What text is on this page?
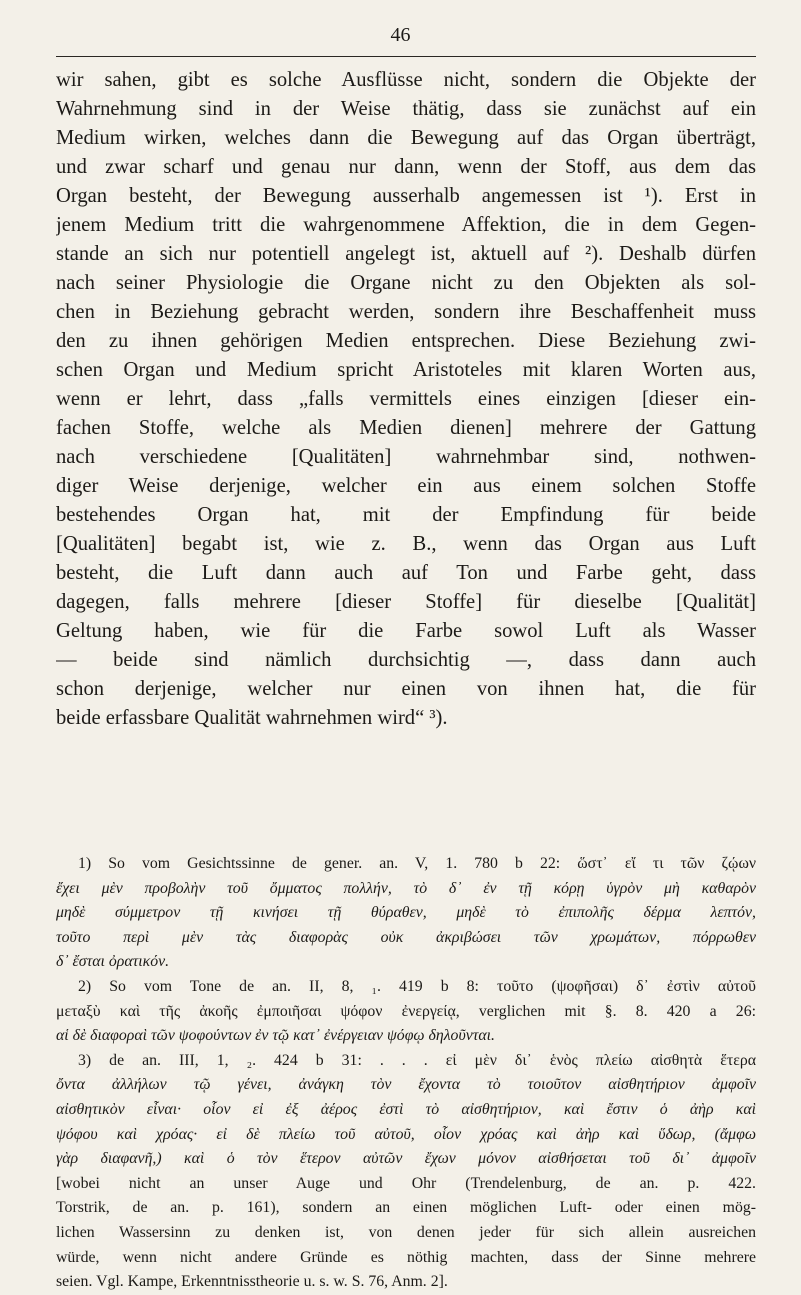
46
wir sahen, gibt es solche Ausflüsse nicht, sondern die Objekte der
Wahrnehmung sind in der Weise thätig, dass sie zunächst auf ein
Medium wirken, welches dann die Bewegung auf das Organ überträgt,
und zwar scharf und genau nur dann, wenn der Stoff, aus dem das
Organ besteht, der Bewegung ausserhalb angemessen ist ¹). Erst in
jenem Medium tritt die wahrgenommene Affektion, die in dem Gegen-
stande an sich nur potentiell angelegt ist, aktuell auf ²). Deshalb dürfen
nach seiner Physiologie die Organe nicht zu den Objekten als sol-
chen in Beziehung gebracht werden, sondern ihre Beschaffenheit muss
den zu ihnen gehörigen Medien entsprechen. Diese Beziehung zwi-
schen Organ und Medium spricht Aristoteles mit klaren Worten aus,
wenn er lehrt, dass „falls vermittels eines einzigen [dieser ein-
fachen Stoffe, welche als Medien dienen] mehrere der Gattung
nach verschiedene [Qualitäten] wahrnehmbar sind, nothwen-
diger Weise derjenige, welcher ein aus einem solchen Stoffe
bestehendes Organ hat, mit der Empfindung für beide
[Qualitäten] begabt ist, wie z. B., wenn das Organ aus Luft
besteht, die Luft dann auch auf Ton und Farbe geht, dass
dagegen, falls mehrere [dieser Stoffe] für dieselbe [Qualität]
Geltung haben, wie für die Farbe sowol Luft als Wasser
— beide sind nämlich durchsichtig —, dass dann auch
schon derjenige, welcher nur einen von ihnen hat, die für
beide erfassbare Qualität wahrnehmen wird“ ³).
1) So vom Gesichtssinne de gener. an. V, 1. 780 b 22: ὥστ᾽ εἴ τι τῶν ζῴων
ἔχει μὲν προβολὴν τοῦ ὄμματος πολλήν, τὸ δ᾽ ἐν τῇ κόρῃ ὑγρὸν μὴ καθαρὸν
μηδὲ σύμμετρον τῇ κινήσει τῇ θύραθεν, μηδὲ τὸ ἐπιπολῆς δέρμα λεπτόν,
τοῦτο περὶ μὲν τὰς διαφορὰς οὐκ ἀκριβώσει τῶν χρωμάτων, πόρρωθεν
δ᾽ ἔσται ὀρατικόν.
2) So vom Tone de an. II, 8, ₁. 419 b 8: τοῦτο (ψοφῆσαι) δ᾽ ἐστὶν αὐτοῦ
μεταξὺ καὶ τῆς ἀκοῆς ἐμποιῆσαι ψόφον ἐνεργείᾳ, verglichen mit §. 8. 420 a 26:
αἱ δὲ διαφοραὶ τῶν ψοφούντων ἐν τῷ κατ᾽ ἐνέργειαν ψόφῳ δηλοῦνται.
3) de an. III, 1, ₂. 424 b 31: . . . εἰ μὲν δι᾽ ἑνὸς πλείω αἰσθητὰ ἕτερα
ὄντα ἀλλήλων τῷ γένει, ἀνάγκη τὸν ἔχοντα τὸ τοιοῦτον αἰσθητήριον ἀμφοῖν
αἰσθητικὸν εἶναι· οἷον εἰ ἐξ ἀέρος ἐστὶ τὸ αἰσθητήριον, καὶ ἔστιν ὁ ἀὴρ καὶ
ψόφου καὶ χρόας· εἰ δὲ πλείω τοῦ αὐτοῦ, οἷον χρόας καὶ ἀὴρ καὶ ὕδωρ, (ἄμφω
γὰρ διαφανῆ,) καὶ ὁ τὸν ἕτερον αὐτῶν ἔχων μόνον αἰσθήσεται τοῦ δι᾽ ἀμφοῖν
[wobei nicht an unser Auge und Ohr (Trendelenburg, de an. p. 422.
Torstrik, de an. p. 161), sondern an einen möglichen Luft- oder einen mög-
lichen Wassersinn zu denken ist, von denen jeder für sich allein ausreichen
würde, wenn nicht andere Gründe es nöthig machten, dass der Sinne mehrere
seien. Vgl. Kampe, Erkenntnisstheorie u. s. w. S. 76, Anm. 2].
